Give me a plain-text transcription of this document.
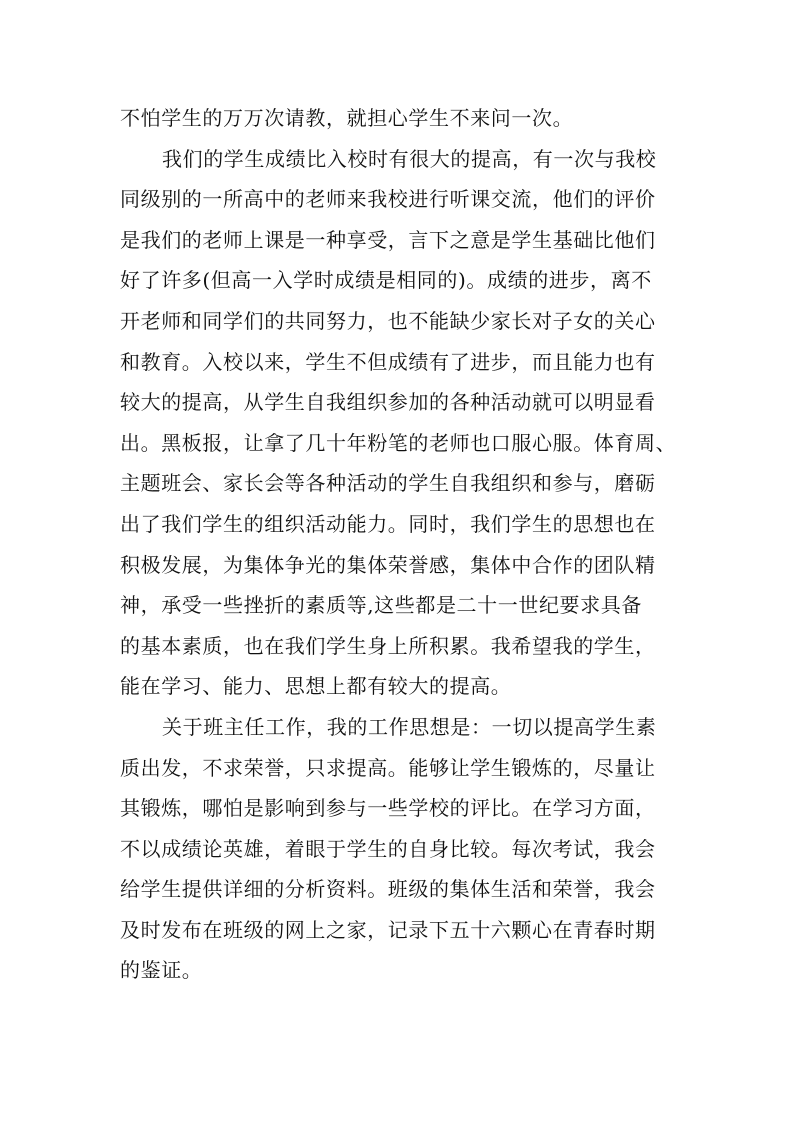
不怕学生的万万次请教，就担心学生不来问一次。
我们的学生成绩比入校时有很大的提高，有一次与我校
同级别的一所高中的老师来我校进行听课交流，他们的评价
是我们的老师上课是一种享受，言下之意是学生基础比他们
好了许多(但高一入学时成绩是相同的)。成绩的进步，离不
开老师和同学们的共同努力，也不能缺少家长对子女的关心
和教育。入校以来，学生不但成绩有了进步，而且能力也有
较大的提高，从学生自我组织参加的各种活动就可以明显看
出。黑板报，让拿了几十年粉笔的老师也口服心服。体育周、
主题班会、家长会等各种活动的学生自我组织和参与，磨砺
出了我们学生的组织活动能力。同时，我们学生的思想也在
积极发展，为集体争光的集体荣誉感，集体中合作的团队精
神，承受一些挫折的素质等,这些都是二十一世纪要求具备
的基本素质，也在我们学生身上所积累。我希望我的学生，
能在学习、能力、思想上都有较大的提高。
关于班主任工作，我的工作思想是：一切以提高学生素
质出发，不求荣誉，只求提高。能够让学生锻炼的，尽量让
其锻炼，哪怕是影响到参与一些学校的评比。在学习方面，
不以成绩论英雄，着眼于学生的自身比较。每次考试，我会
给学生提供详细的分析资料。班级的集体生活和荣誉，我会
及时发布在班级的网上之家，记录下五十六颗心在青春时期
的鉴证。
